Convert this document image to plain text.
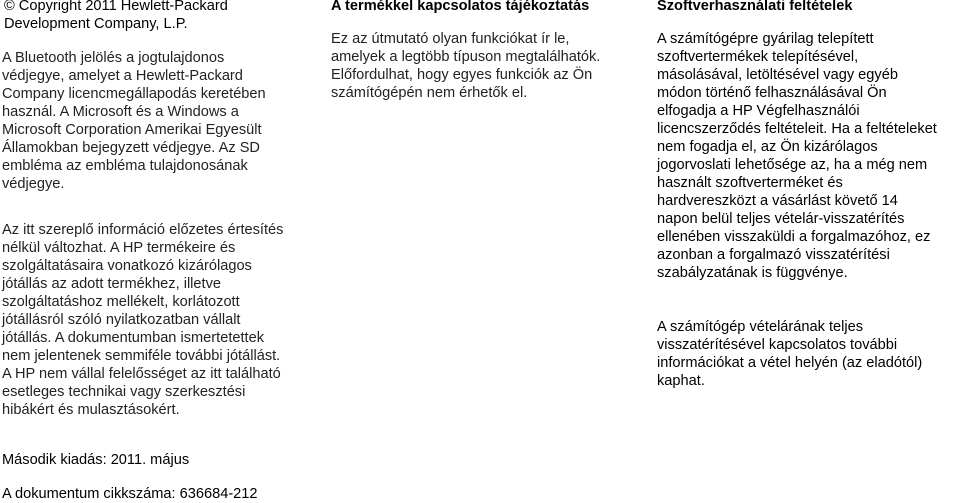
© Copyright 2011 Hewlett-Packard
Development Company, L.P.
A Bluetooth jelölés a jogtulajdonos
védjegye, amelyet a Hewlett-Packard
Company licencmegállapodás keretében
használ. A Microsoft és a Windows a
Microsoft Corporation Amerikai Egyesült
Államokban bejegyzett védjegye. Az SD
embléma az embléma tulajdonosának
védjegye.
Az itt szereplő információ előzetes értesítés
nélkül változhat. A HP termékeire és
szolgáltatásaira vonatkozó kizárólagos
jótállás az adott termékhez, illetve
szolgáltatáshoz mellékelt, korlátozott
jótállásról szóló nyilatkozatban vállalt
jótállás. A dokumentumban ismertetettek
nem jelentenek semmiféle további jótállást.
A HP nem vállal felelősséget az itt található
esetleges technikai vagy szerkesztési
hibákért és mulasztásokért.
Második kiadás: 2011. május
A dokumentum cikkszáma: 636684-212
A termékkel kapcsolatos tájékoztatás
Ez az útmutató olyan funkciókat ír le,
amelyek a legtöbb típuson megtalálhatók.
Előfordulhat, hogy egyes funkciók az Ön
számítógépén nem érhetők el.
Szoftverhasználati feltételek
A számítógépre gyárilag telepített
szoftvertermékek telepítésével,
másolásával, letöltésével vagy egyéb
módon történő felhasználásával Ön
elfogadja a HP Végfelhasználói
licencszerződés feltételeit. Ha a feltételeket
nem fogadja el, az Ön kizárólagos
jogorvoslati lehetősége az, ha a még nem
használt szoftverterméket és
hardvereszközt a vásárlást követő 14
napon belül teljes vételár-visszatérítés
ellenében visszaküldi a forgalmazóhoz, ez
azonban a forgalmazó visszatérítési
szabályzatának is függvénye.
A számítógép vételárának teljes
visszatérítésével kapcsolatos további
információkat a vétel helyén (az eladótól)
kaphat.
